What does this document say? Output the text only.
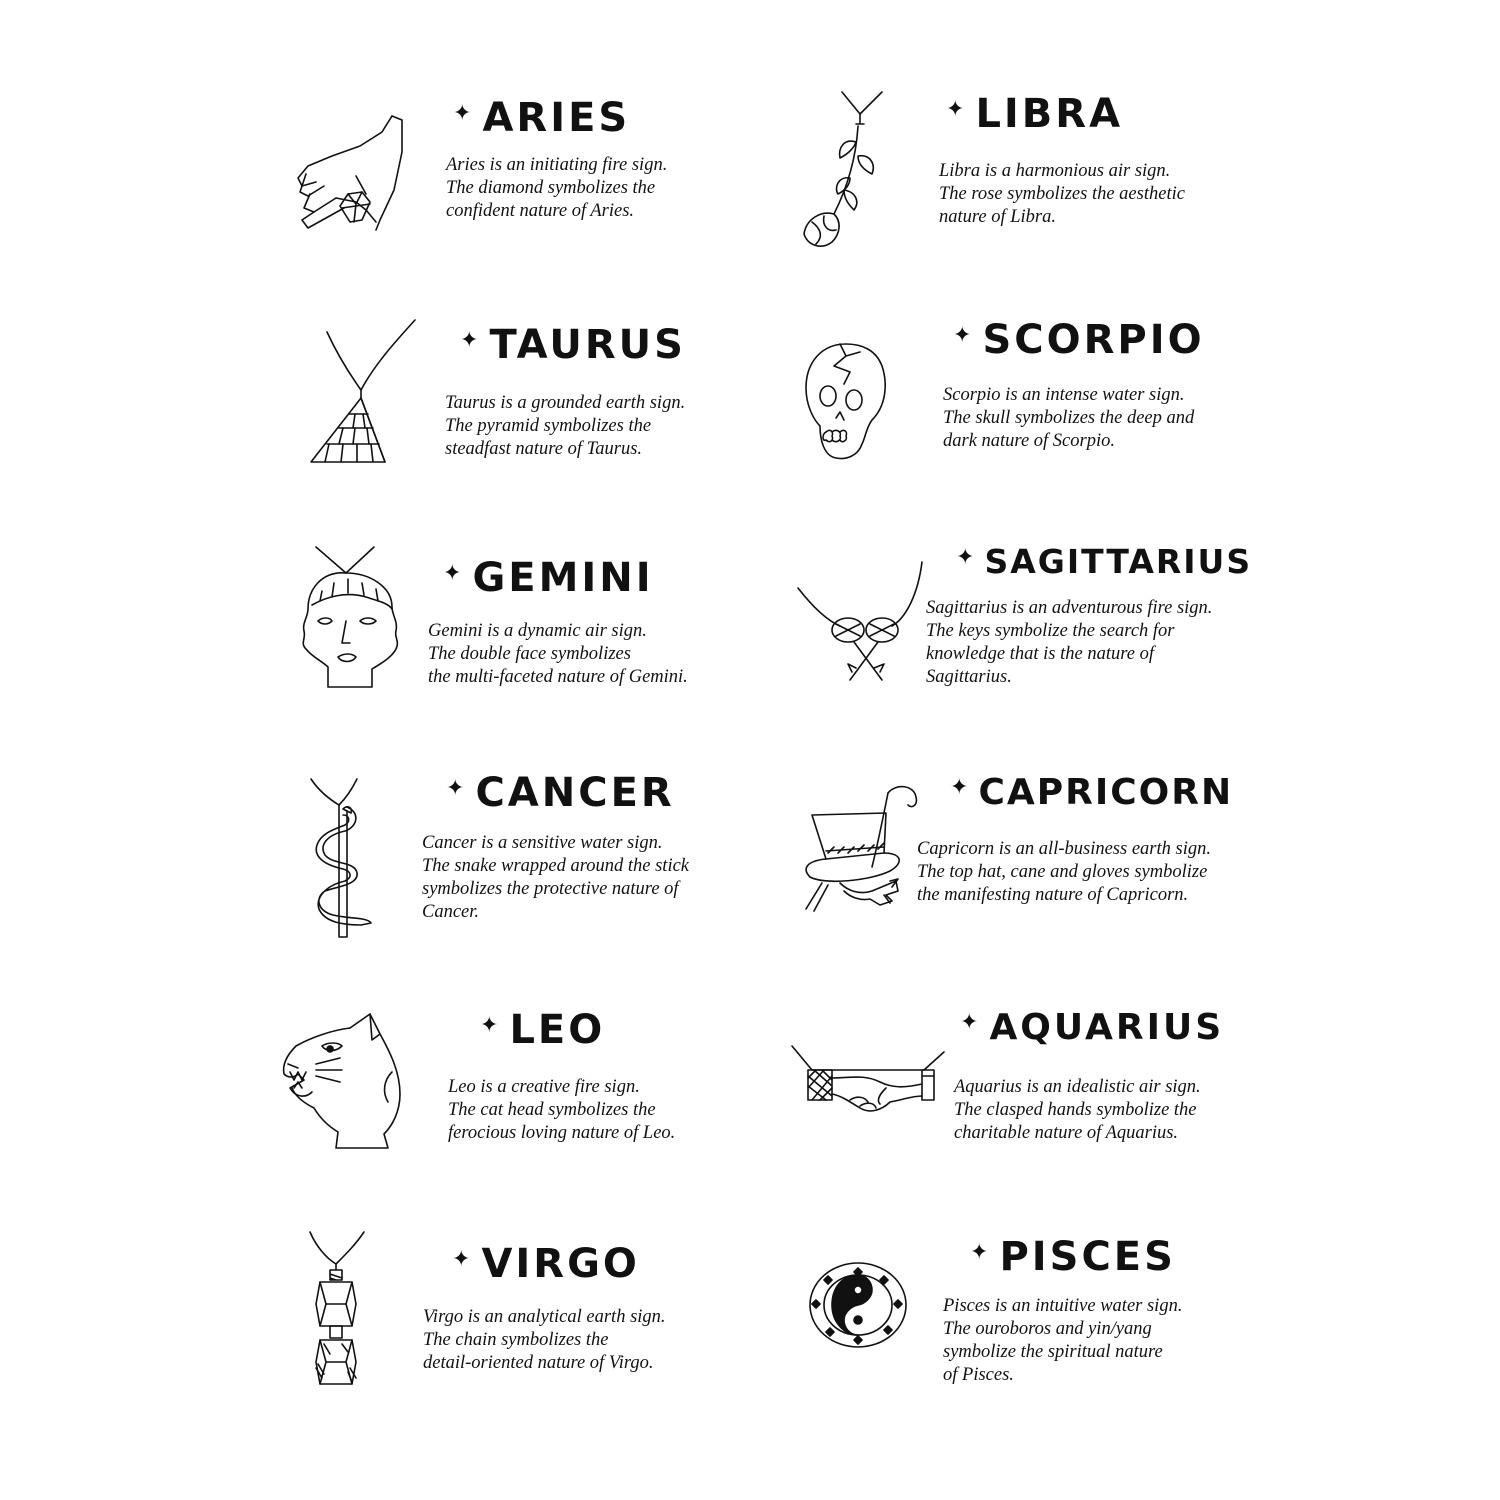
✦ ARIES
Aries is an initiating fire sign.
The diamond symbolizes the
confident nature of Aries.
✦ LIBRA
Libra is a harmonious air sign.
The rose symbolizes the aesthetic
nature of Libra.
✦ TAURUS
Taurus is a grounded earth sign.
The pyramid symbolizes the
steadfast nature of Taurus.
✦ SCORPIO
Scorpio is an intense water sign.
The skull symbolizes the deep and
dark nature of Scorpio.
✦ GEMINI
Gemini is a dynamic air sign.
The double face symbolizes
the multi-faceted nature of Gemini.
✦ SAGITTARIUS
Sagittarius is an adventurous fire sign.
The keys symbolize the search for
knowledge that is the nature of
Sagittarius.
✦ CANCER
Cancer is a sensitive water sign.
The snake wrapped around the stick
symbolizes the protective nature of
Cancer.
✦ CAPRICORN
Capricorn is an all-business earth sign.
The top hat, cane and gloves symbolize
the manifesting nature of Capricorn.
✦ LEO
Leo is a creative fire sign.
The cat head symbolizes the
ferocious loving nature of Leo.
✦ AQUARIUS
Aquarius is an idealistic air sign.
The clasped hands symbolize the
charitable nature of Aquarius.
✦ VIRGO
Virgo is an analytical earth sign.
The chain symbolizes the
detail-oriented nature of Virgo.
✦ PISCES
Pisces is an intuitive water sign.
The ouroboros and yin/yang
symbolize the spiritual nature
of Pisces.
